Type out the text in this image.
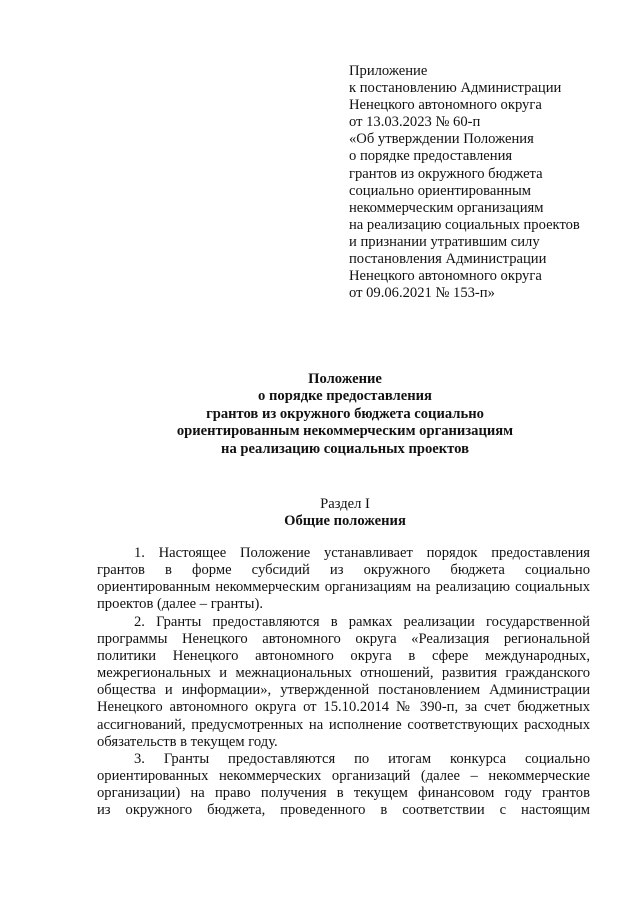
Приложение
к постановлению Администрации
Ненецкого автономного округа
от 13.03.2023 № 60-п
«Об утверждении Положения
о порядке предоставления
грантов из окружного бюджета
социально ориентированным
некоммерческим организациям
на реализацию социальных проектов
и признании утратившим силу
постановления Администрации
Ненецкого автономного округа
от 09.06.2021 № 153-п»
Положение
о порядке предоставления
грантов из окружного бюджета социально
ориентированным некоммерческим организациям
на реализацию социальных проектов
Раздел I
Общие положения
1. Настоящее Положение устанавливает порядок предоставления
грантов в форме субсидий из окружного бюджета социально
ориентированным некоммерческим организациям на реализацию социальных
проектов (далее – гранты).
2. Гранты предоставляются в рамках реализации государственной
программы Ненецкого автономного округа «Реализация региональной
политики Ненецкого автономного округа в сфере международных,
межрегиональных и межнациональных отношений, развития гражданского
общества и информации», утвержденной постановлением Администрации
Ненецкого автономного округа от 15.10.2014 № 390-п, за счет бюджетных
ассигнований, предусмотренных на исполнение соответствующих расходных
обязательств в текущем году.
3. Гранты предоставляются по итогам конкурса социально
ориентированных некоммерческих организаций (далее – некоммерческие
организации) на право получения в текущем финансовом году грантов
из окружного бюджета, проведенного в соответствии с настоящим
